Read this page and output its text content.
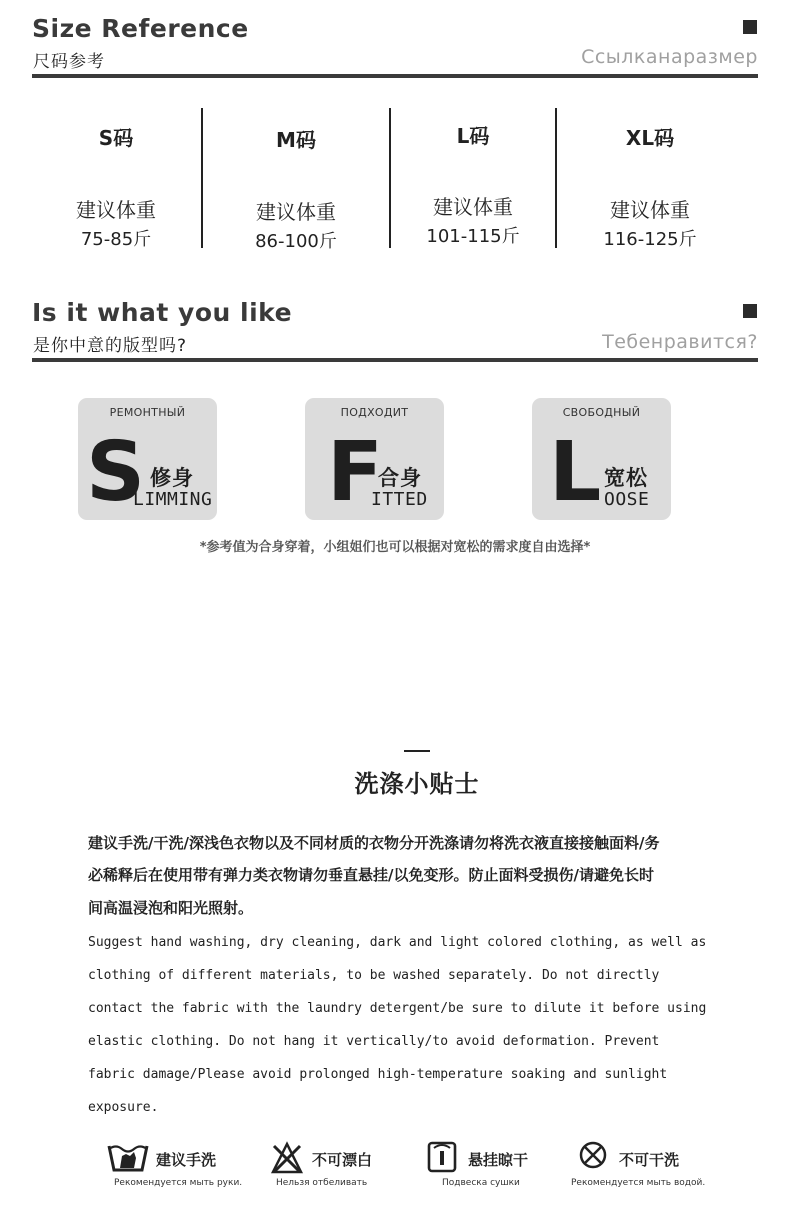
Size Reference
尺码参考	Ссылканаразмер
S码
建议体重
75-85斤
M码
建议体重
86-100斤
L码
建议体重
101-115斤
XL码
建议体重
116-125斤
Is it what you like
是你中意的版型吗?	Тебенравится?
РЕМОНТНЫЙ
S 修身
LIMMING
ПОДХОДИТ
F
合身
ITTED
СВОБОДНЫЙ
L 宽松
OOSE
*参考值为合身穿着，小组姐们也可以根据对宽松的需求度自由选择*
洗涤小贴士
建议手洗/干洗/深浅色衣物以及不同材质的衣物分开洗涤请勿将洗衣液直接接触面料/务
必稀释后在使用带有弹力类衣物请勿垂直悬挂/以免变形。防止面料受损伤/请避免长时
间高温浸泡和阳光照射。
Suggest hand washing, dry cleaning, dark and light colored clothing, as well as
clothing of different materials, to be washed separately. Do not directly
contact the fabric with the laundry detergent/be sure to dilute it before using
elastic clothing. Do not hang it vertically/to avoid deformation. Prevent
fabric damage/Please avoid prolonged high-temperature soaking and sunlight
exposure.
建议手洗
Рекомендуется мыть руки.
不可漂白
Нельзя отбеливать
悬挂晾干
Подвеска сушки
不可干洗
Рекомендуется мыть водой.
